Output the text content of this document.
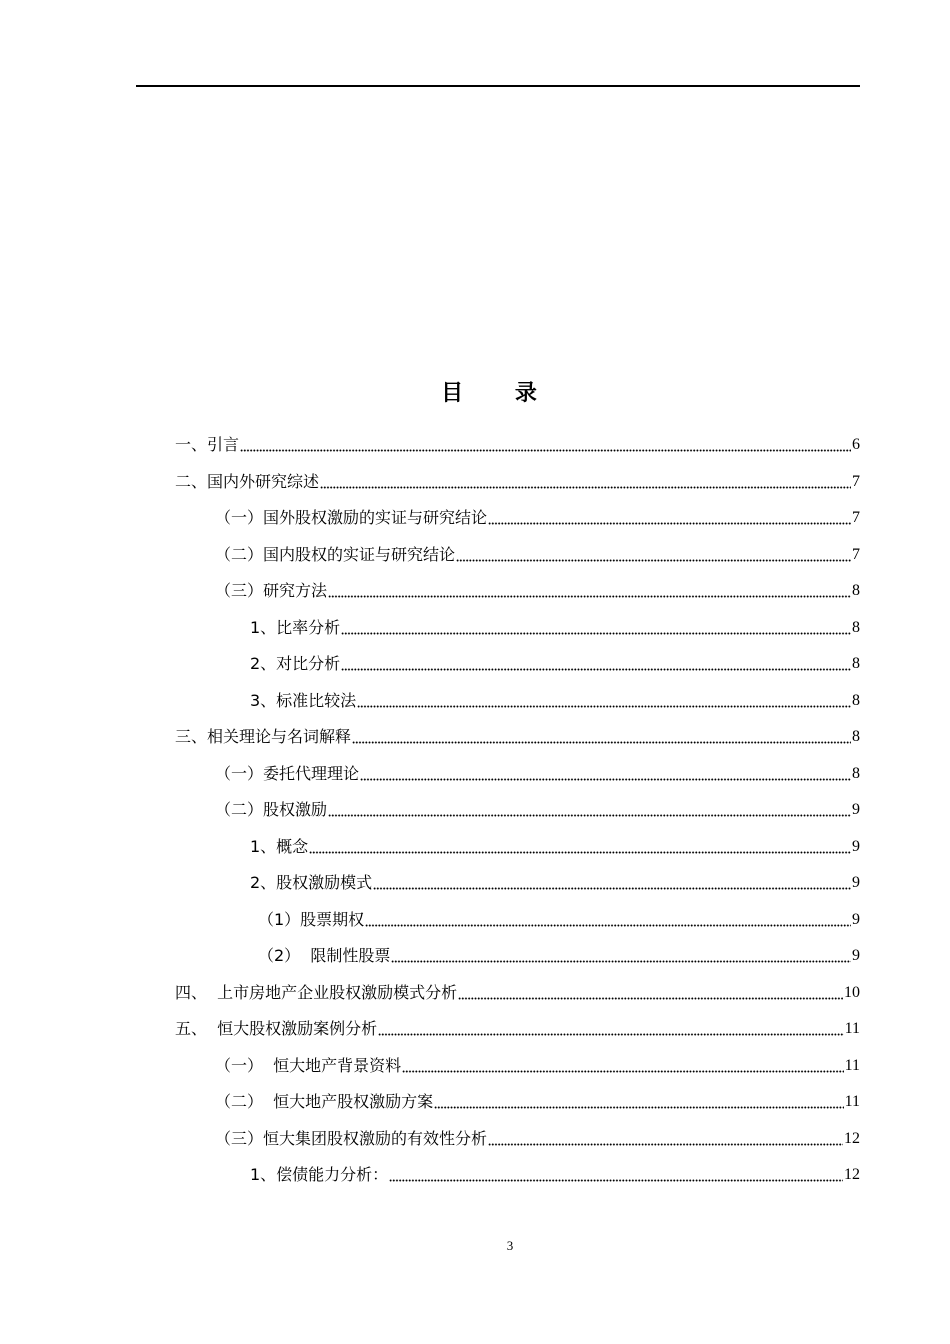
目 录
一、引言	6
二、国内外研究综述	7
（一）国外股权激励的实证与研究结论	7
（二）国内股权的实证与研究结论	7
（三）研究方法	8
1、比率分析	8
2、对比分析	8
3、标准比较法	8
三、相关理论与名词解释	8
（一）委托代理理论	8
（二）股权激励	9
1、概念	9
2、股权激励模式	9
（1）股票期权	9
（2）  限制性股票	9
四、  上市房地产企业股权激励模式分析	10
五、  恒大股权激励案例分析	11
（一）  恒大地产背景资料	11
（二）  恒大地产股权激励方案	11
（三）恒大集团股权激励的有效性分析	12
1、偿债能力分析：	12
3
